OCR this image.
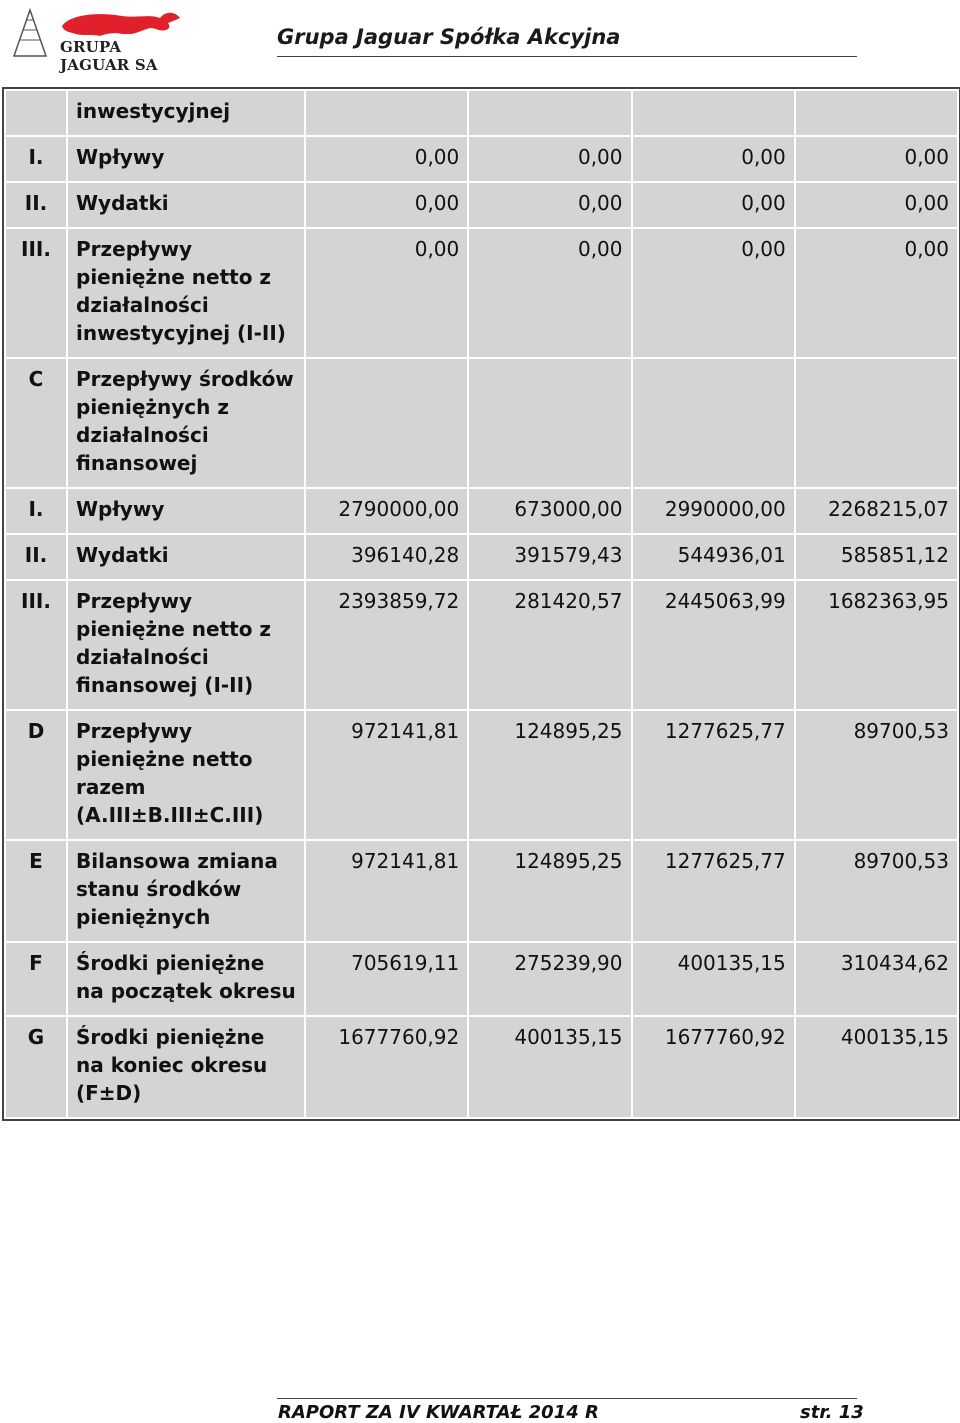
GRUPA JAGUAR SA
Grupa Jaguar Spółka Akcyjna
	inwestycyjnej				
I.	Wpływy	0,00	0,00	0,00	0,00
II.	Wydatki	0,00	0,00	0,00	0,00
III.	Przepływy pieniężne netto z działalności inwestycyjnej (I-II)	0,00	0,00	0,00	0,00
C	Przepływy środków pieniężnych z działalności finansowej				
I.	Wpływy	2790000,00	673000,00	2990000,00	2268215,07
II.	Wydatki	396140,28	391579,43	544936,01	585851,12
III.	Przepływy pieniężne netto z działalności finansowej (I-II)	2393859,72	281420,57	2445063,99	1682363,95
D	Przepływy pieniężne netto razem (A.III±B.III±C.III)	972141,81	124895,25	1277625,77	89700,53
E	Bilansowa zmiana stanu środków pieniężnych	972141,81	124895,25	1277625,77	89700,53
F	Środki pieniężne na początek okresu	705619,11	275239,90	400135,15	310434,62
G	Środki pieniężne na koniec okresu (F±D)	1677760,92	400135,15	1677760,92	400135,15
RAPORT ZA IV KWARTAŁ 2014 R	str. 13
